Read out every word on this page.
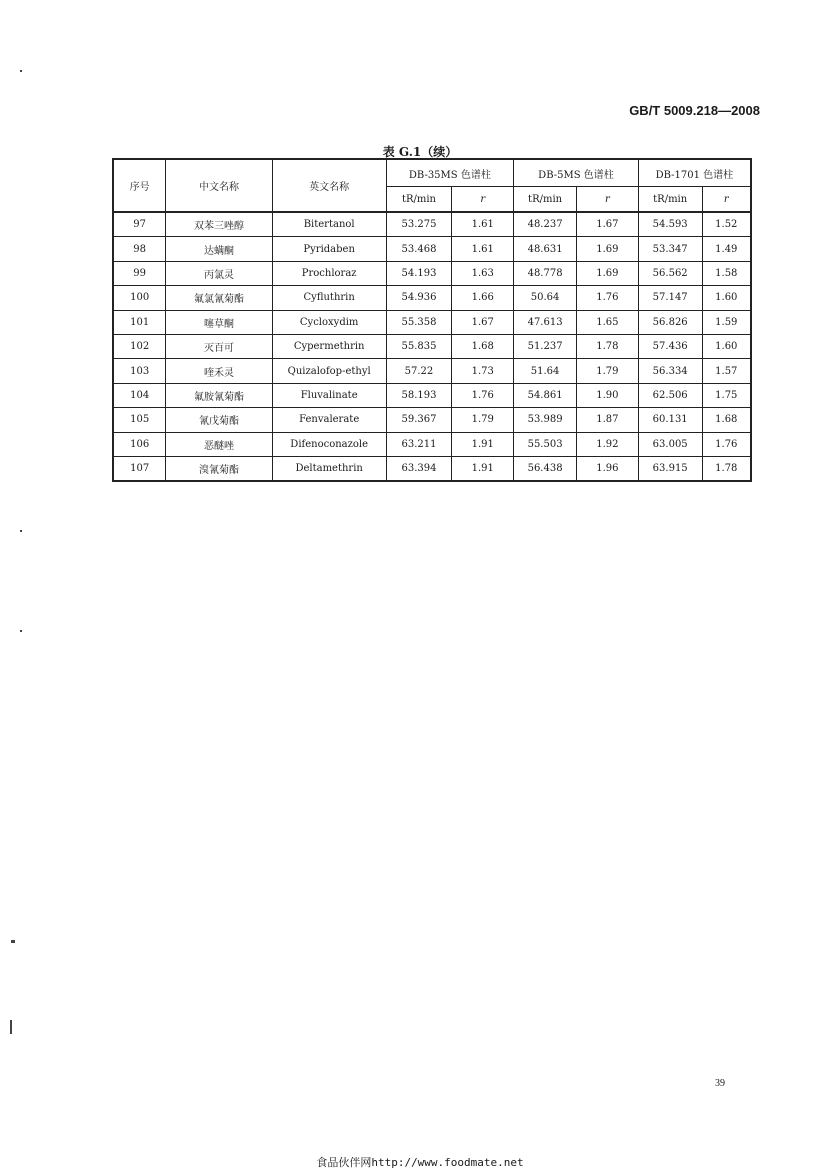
GB/T 5009.218—2008
表 G.1（续）
序号	中文名称	英文名称	DB-35MS 色谱柱		DB-5MS 色谱柱		DB-1701 色谱柱	
			tR/min	r	tR/min	r	tR/min	r
97	双苯三唑醇	Bitertanol	53.275	1.61	48.237	1.67	54.593	1.52
98	达螨酮	Pyridaben	53.468	1.61	48.631	1.69	53.347	1.49
99	丙氯灵	Prochloraz	54.193	1.63	48.778	1.69	56.562	1.58
100	氟氯氰菊酯	Cyfluthrin	54.936	1.66	50.64	1.76	57.147	1.60
101	噻草酮	Cycloxydim	55.358	1.67	47.613	1.65	56.826	1.59
102	灭百可	Cypermethrin	55.835	1.68	51.237	1.78	57.436	1.60
103	喹禾灵	Quizalofop-ethyl	57.22	1.73	51.64	1.79	56.334	1.57
104	氟胺氰菊酯	Fluvalinate	58.193	1.76	54.861	1.90	62.506	1.75
105	氰戊菊酯	Fenvalerate	59.367	1.79	53.989	1.87	60.131	1.68
106	恶醚唑	Difenoconazole	63.211	1.91	55.503	1.92	63.005	1.76
107	溴氰菊酯	Deltamethrin	63.394	1.91	56.438	1.96	63.915	1.78
39
食品伙伴网http://www.foodmate.net
